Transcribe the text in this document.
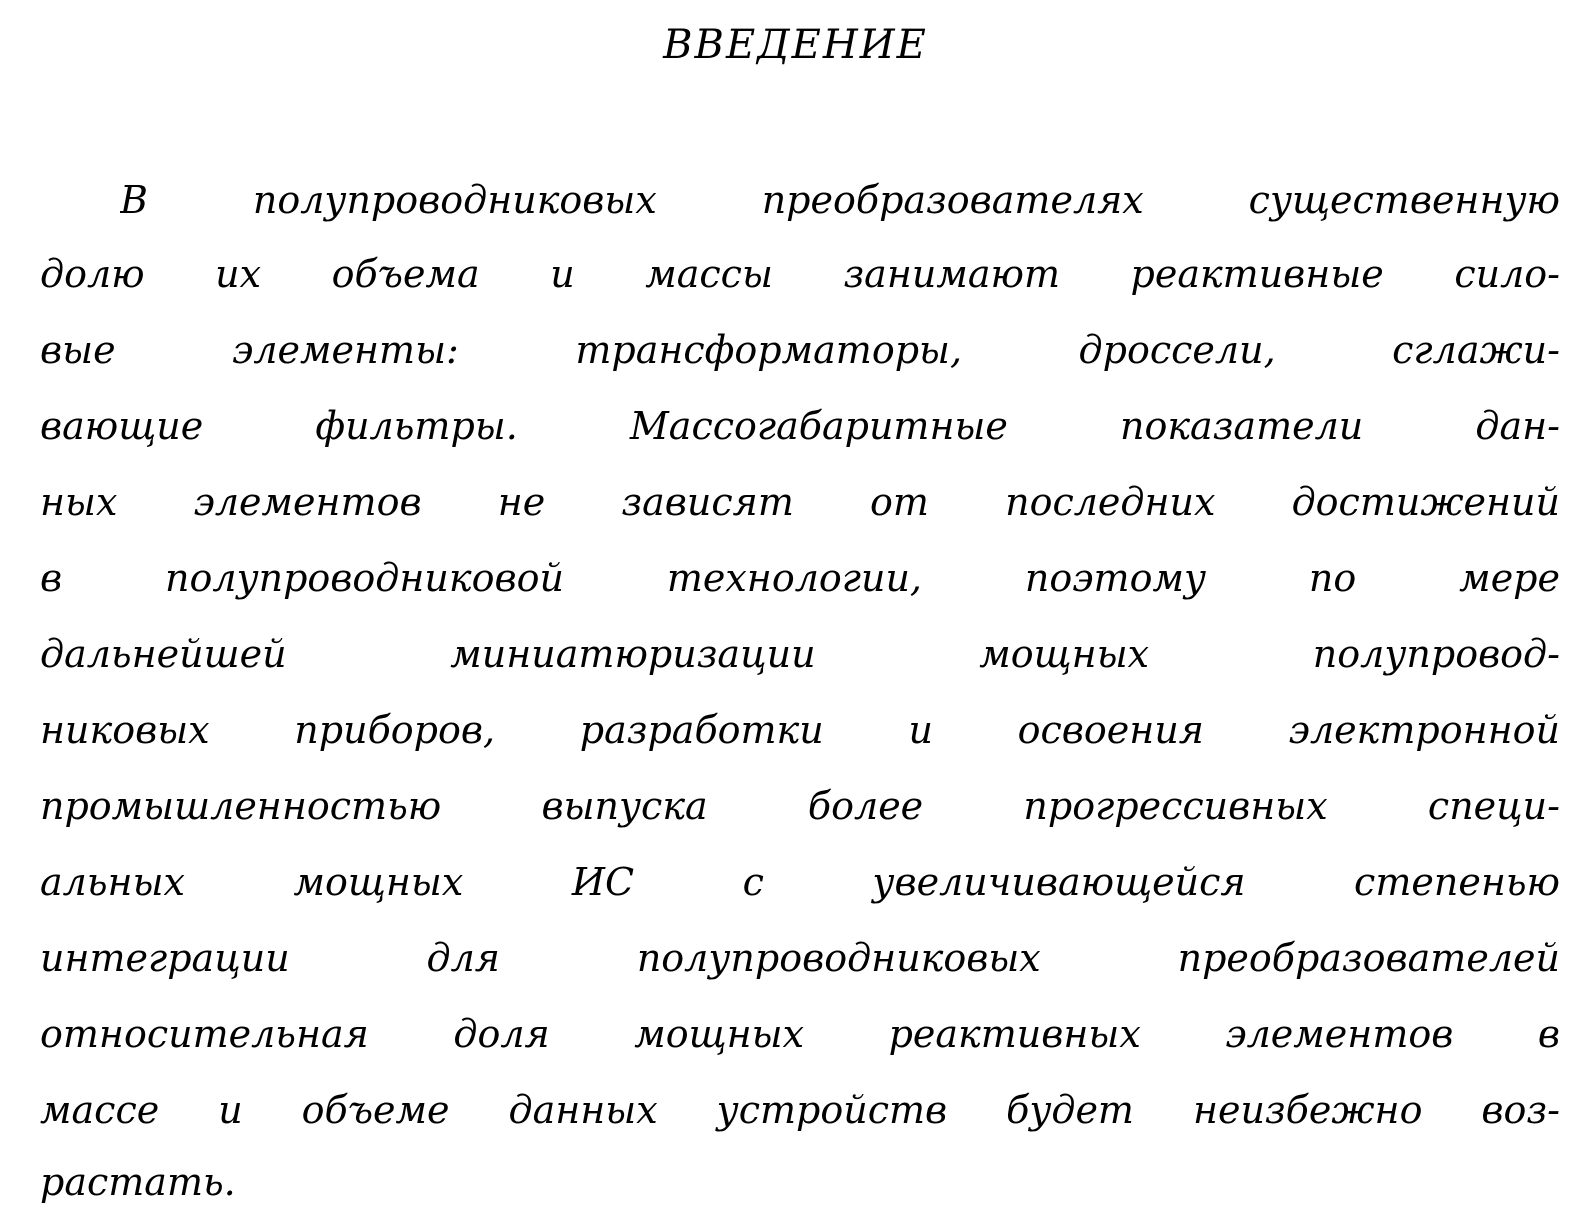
ВВЕДЕНИЕ
В полупроводниковых преобразователях существенную
долю их объема и массы занимают реактивные сило-
вые элементы: трансформаторы, дроссели, сглажи-
вающие фильтры. Массогабаритные показатели дан-
ных элементов не зависят от последних достижений
в полупроводниковой технологии, поэтому по мере
дальнейшей миниатюризации мощных полупровод-
никовых приборов, разработки и освоения электронной
промышленностью выпуска более прогрессивных специ-
альных мощных ИС с увеличивающейся степенью
интеграции для полупроводниковых преобразователей
относительная доля мощных реактивных элементов в
массе и объеме данных устройств будет неизбежно воз-
растать.
